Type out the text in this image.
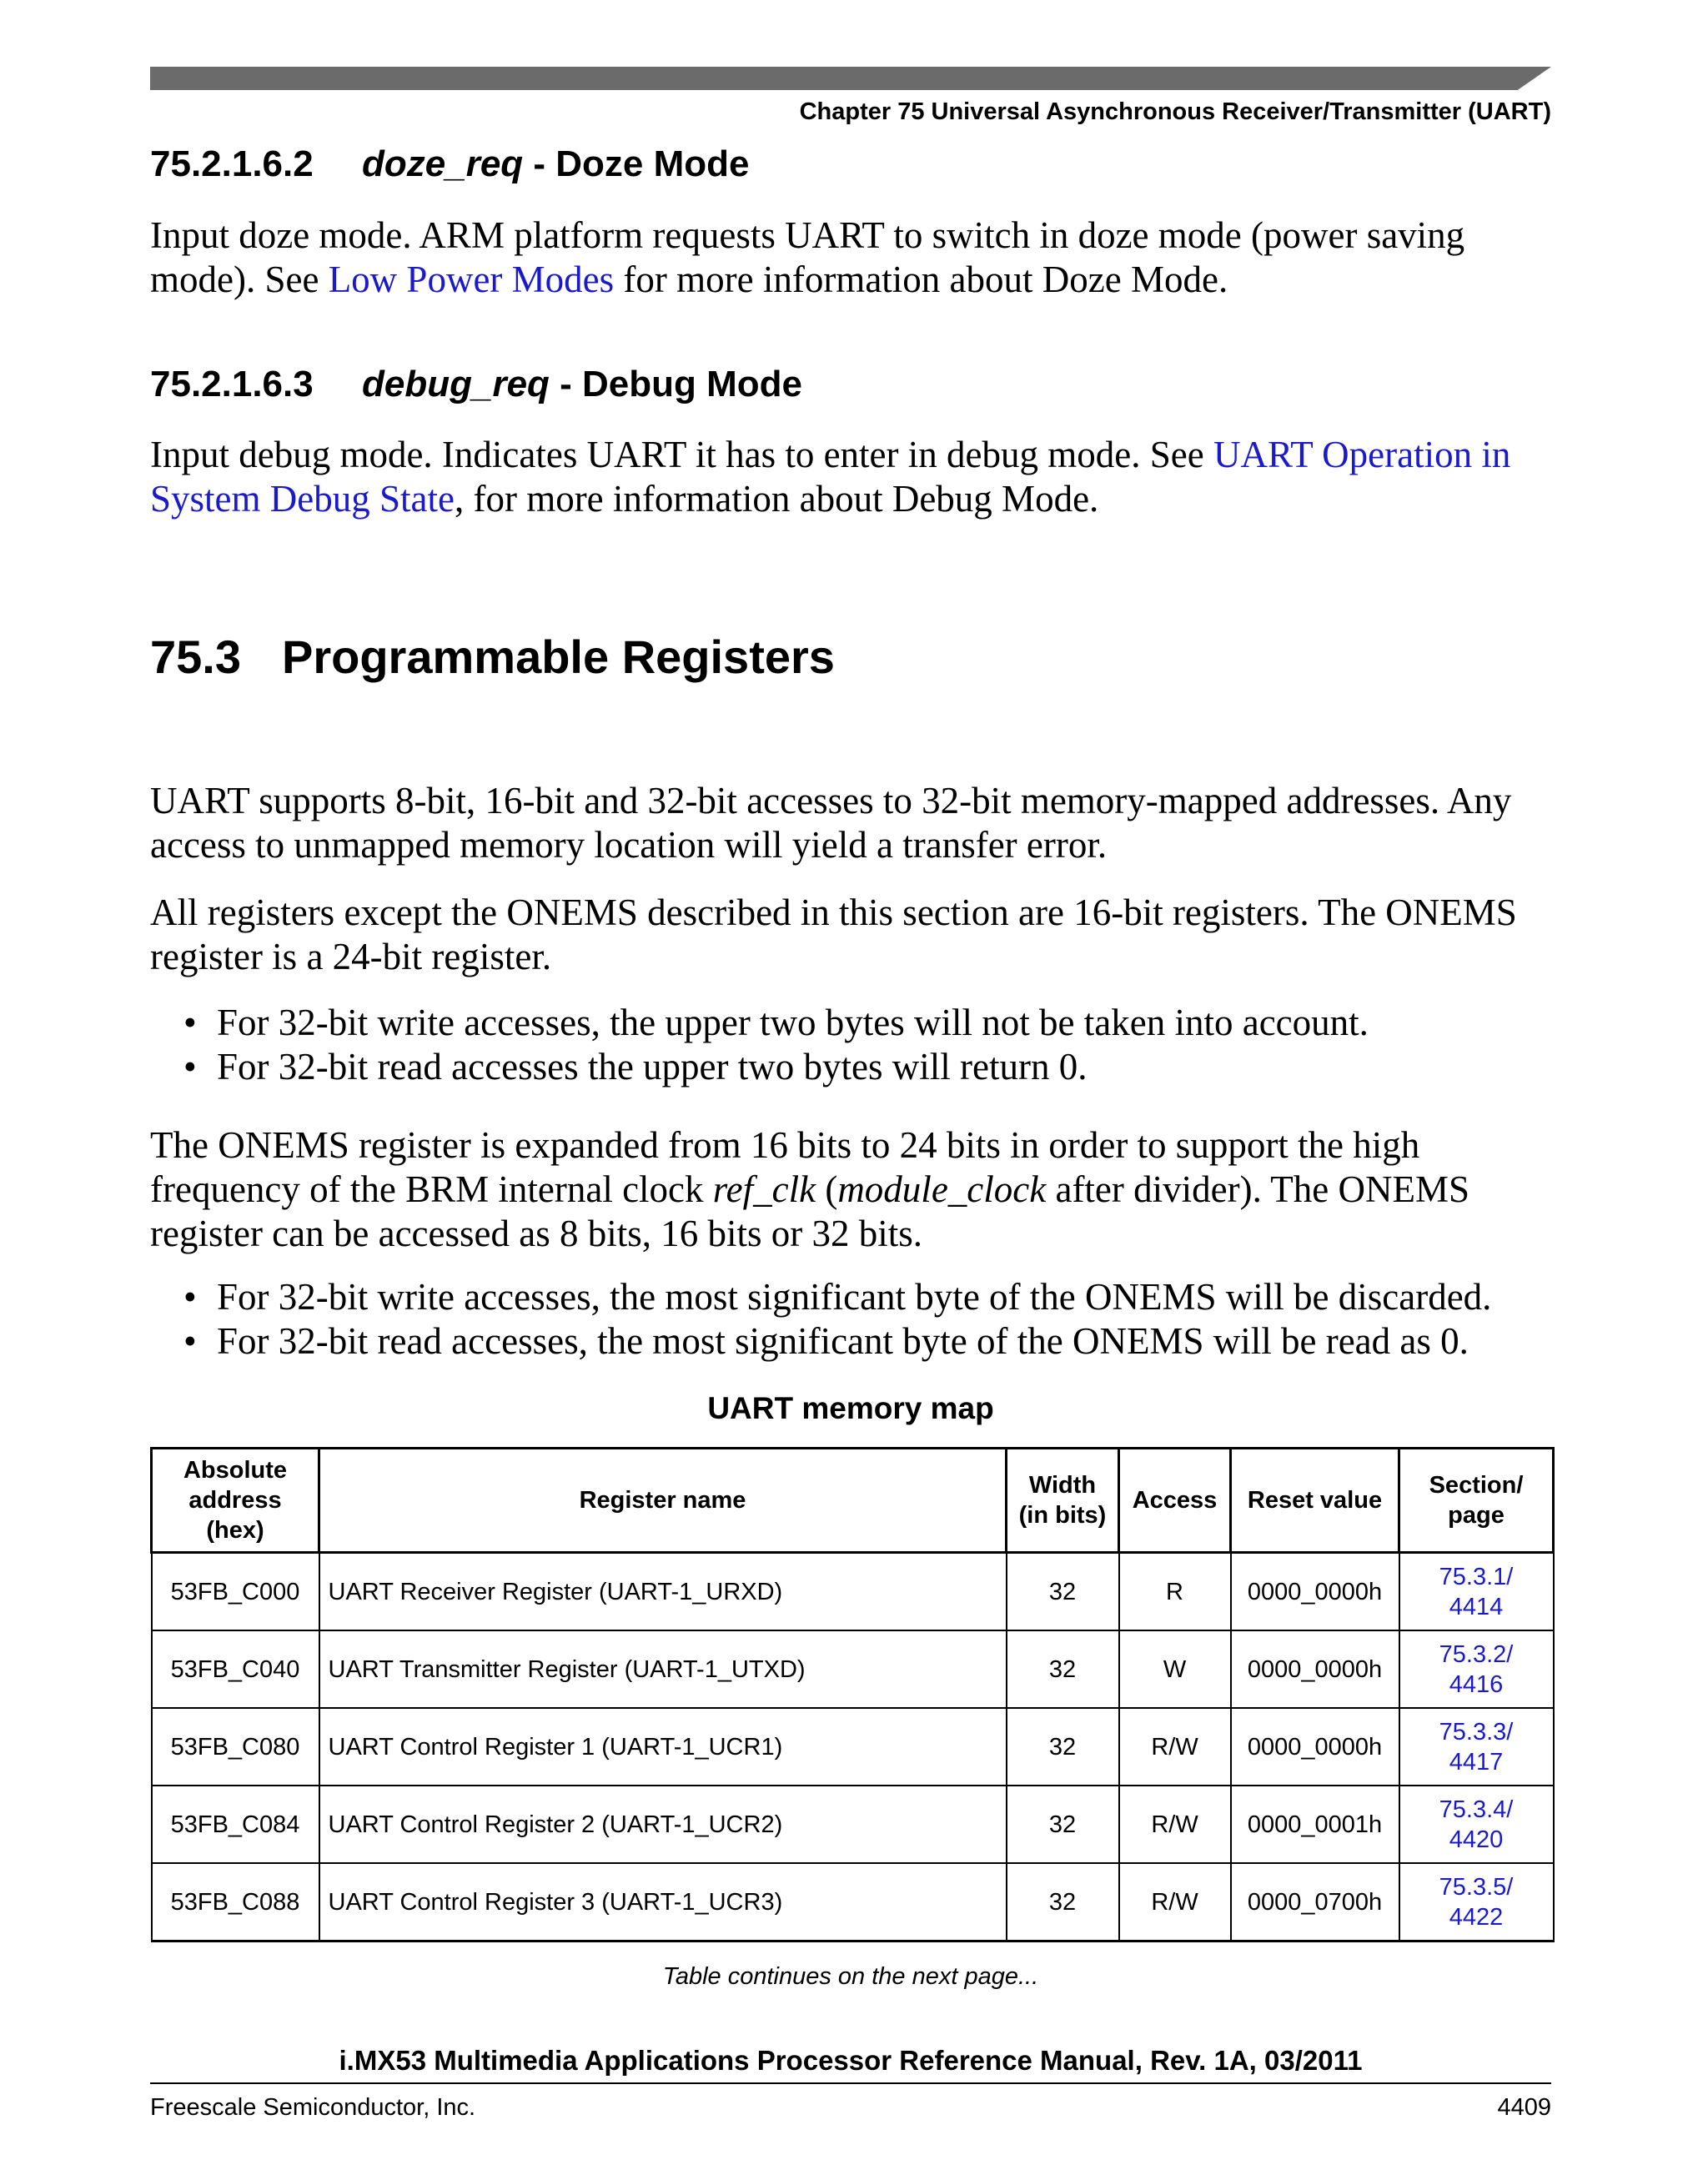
Chapter 75 Universal Asynchronous Receiver/Transmitter (UART)
75.2.1.6.2 doze_req - Doze Mode

Input doze mode. ARM platform requests UART to switch in doze mode (power saving mode). See Low Power Modes for more information about Doze Mode.

75.2.1.6.3 debug_req - Debug Mode

Input debug mode. Indicates UART it has to enter in debug mode. See UART Operation in System Debug State, for more information about Debug Mode.

75.3 Programmable Registers

UART supports 8-bit, 16-bit and 32-bit accesses to 32-bit memory-mapped addresses. Any access to unmapped memory location will yield a transfer error.

All registers except the ONEMS described in this section are 16-bit registers. The ONEMS register is a 24-bit register.

• For 32-bit write accesses, the upper two bytes will not be taken into account.
• For 32-bit read accesses the upper two bytes will return 0.

The ONEMS register is expanded from 16 bits to 24 bits in order to support the high frequency of the BRM internal clock ref_clk (module_clock after divider). The ONEMS register can be accessed as 8 bits, 16 bits or 32 bits.

• For 32-bit write accesses, the most significant byte of the ONEMS will be discarded.
• For 32-bit read accesses, the most significant byte of the ONEMS will be read as 0.
UART memory map
Absolute address (hex)	Register name	Width (in bits)	Access	Reset value	Section/ page
53FB_C000	UART Receiver Register (UART-1_URXD)	32	R	0000_0000h	75.3.1/
4414
53FB_C040	UART Transmitter Register (UART-1_UTXD)	32	W	0000_0000h	75.3.2/
4416
53FB_C080	UART Control Register 1 (UART-1_UCR1)	32	R/W	0000_0000h	75.3.3/
4417
53FB_C084	UART Control Register 2 (UART-1_UCR2)	32	R/W	0000_0001h	75.3.4/
4420
53FB_C088	UART Control Register 3 (UART-1_UCR3)	32	R/W	0000_0700h	75.3.5/
4422
Table continues on the next page...
i.MX53 Multimedia Applications Processor Reference Manual, Rev. 1A, 03/2011
Freescale Semiconductor, Inc.	4409
